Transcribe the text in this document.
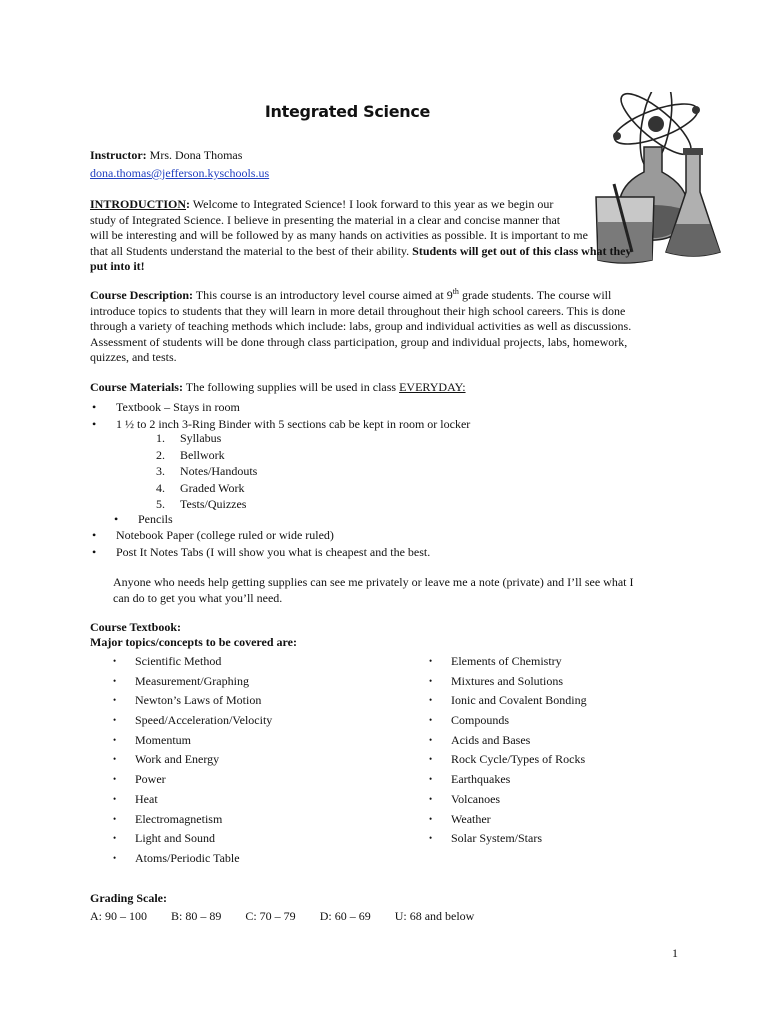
Integrated Science
Instructor: Mrs. Dona Thomas
dona.thomas@jefferson.kyschools.us
INTRODUCTION: Welcome to Integrated Science! I look forward to this year as we begin our
study of Integrated Science. I believe in presenting the material in a clear and concise manner that
will be interesting and will be followed by as many hands on activities as possible. It is important to me
that all Students understand the material to the best of their ability. Students will get out of this class what they
put into it!
Course Description: This course is an introductory level course aimed at 9th grade students. The course will
introduce topics to students that they will learn in more detail throughout their high school careers. This is done
through a variety of teaching methods which include: labs, group and individual activities as well as discussions.
Assessment of students will be done through class participation, group and individual projects, labs, homework,
quizzes, and tests.
Course Materials: The following supplies will be used in class EVERYDAY:
• Textbook – Stays in room
• 1 ½ to 2 inch 3-Ring Binder with 5 sections cab be kept in room or locker
1. Syllabus
2. Bellwork
3. Notes/Handouts
4. Graded Work
5. Tests/Quizzes
• Pencils
• Notebook Paper (college ruled or wide ruled)
• Post It Notes Tabs (I will show you what is cheapest and the best.
Anyone who needs help getting supplies can see me privately or leave me a note (private) and I’ll see what I
can do to get you what you’ll need.
Course Textbook:
Major topics/concepts to be covered are:
• Scientific Method
• Measurement/Graphing
• Newton’s Laws of Motion
• Speed/Acceleration/Velocity
• Momentum
• Work and Energy
• Power
• Heat
• Electromagnetism
• Light and Sound
• Atoms/Periodic Table
• Elements of Chemistry
• Mixtures and Solutions
• Ionic and Covalent Bonding
• Compounds
• Acids and Bases
• Rock Cycle/Types of Rocks
• Earthquakes
• Volcanoes
• Weather
• Solar System/Stars
Grading Scale:
A: 90 – 100 B: 80 – 89 C: 70 – 79 D: 60 – 69 U: 68 and below
1
